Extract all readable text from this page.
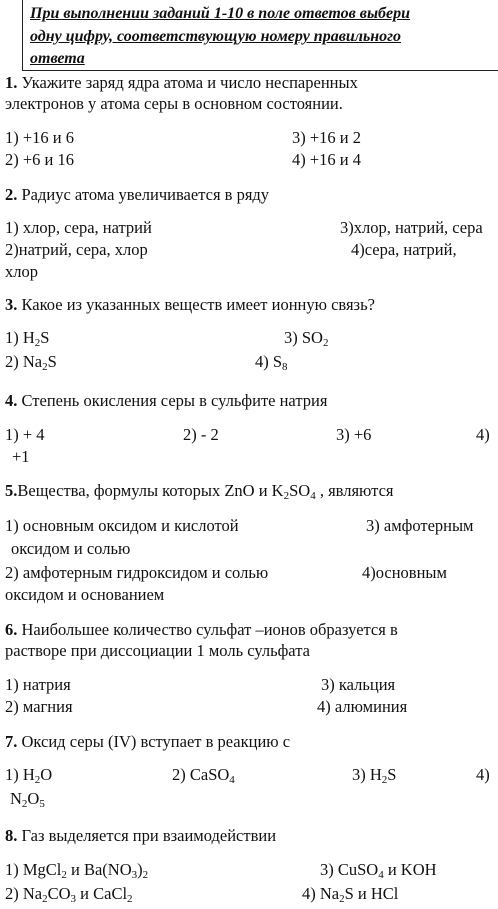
При выполнении заданий 1-10 в поле ответов выбери
одну цифру, соответствующую номеру правильного
ответа
1. Укажите заряд ядра атома и число неспаренных
электронов у атома серы в основном состоянии.
1) +16 и 6	3) +16 и 2
2) +6 и 16	4) +16 и 4
2. Радиус атома увеличивается в ряду
1) хлор, сера, натрий	3)хлор, натрий, сера
2)натрий, сера, хлор	4)сера, натрий,
хлор
3. Какое из указанных веществ имеет ионную связь?
1) $H_2S$	3) $SO_2$
2) $Na_2S$	4) $S_8$
4. Степень окисления серы в сульфите натрия
1) + 4	2) - 2	3) +6	4)
+1
5.Вещества, формулы которых ZnO и $K_2SO_4$ , являются
1) основным оксидом и кислотой	3) амфотерным
оксидом и солью
2) амфотерным гидроксидом и солью	4)основным
оксидом и основанием
6. Наибольшее количество сульфат –ионов образуется в
растворе при диссоциации 1 моль сульфата
1) натрия	3) кальция
2) магния	4) алюминия
7. Оксид серы (IV) вступает в реакцию с
1) $H_2O$	2) CaSO$_4$	3) $H_2S$	4)
$N_2O_5$
8. Газ выделяется при взаимодействии
1) MgCl$_2$ и $Ba(NO_3)_2$	3) CuSO$_4$ и KOH
2) $Na_2CO_3$ и CaCl$_2$	4) $Na_2S$ и HCl
